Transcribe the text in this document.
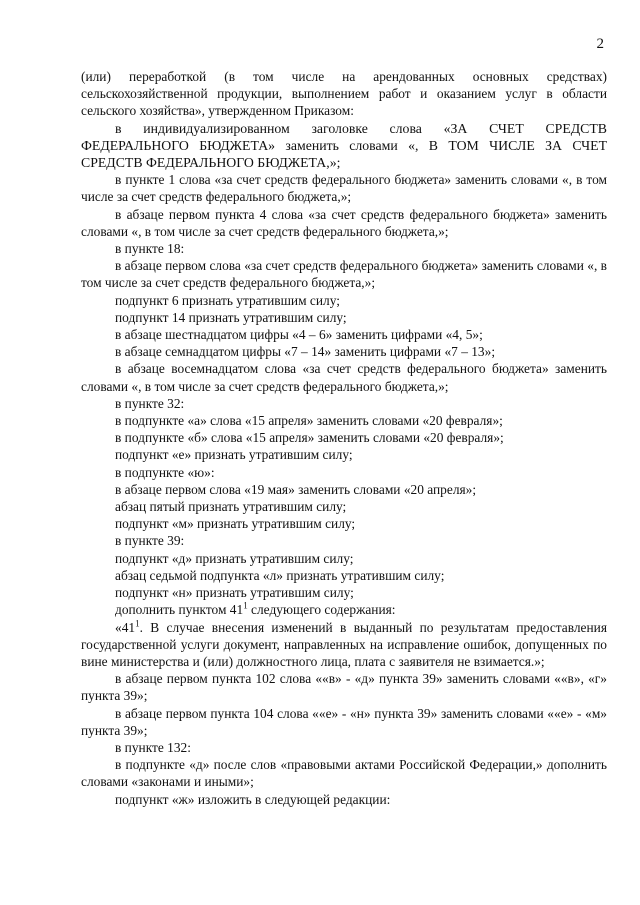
2

(или) переработкой (в том числе на арендованных основных средствах) сельскохозяйственной продукции, выполнением работ и оказанием услуг в области сельского хозяйства», утвержденном Приказом:

в индивидуализированном заголовке слова «ЗА СЧЕТ СРЕДСТВ ФЕДЕРАЛЬНОГО БЮДЖЕТА» заменить словами «, В ТОМ ЧИСЛЕ ЗА СЧЕТ СРЕДСТВ ФЕДЕРАЛЬНОГО БЮДЖЕТА,»;

в пункте 1 слова «за счет средств федерального бюджета» заменить словами «, в том числе за счет средств федерального бюджета,»;

в абзаце первом пункта 4 слова «за счет средств федерального бюджета» заменить словами «, в том числе за счет средств федерального бюджета,»;

в пункте 18:

в абзаце первом слова «за счет средств федерального бюджета» заменить словами «, в том числе за счет средств федерального бюджета,»;

подпункт 6 признать утратившим силу;

подпункт 14 признать утратившим силу;

в абзаце шестнадцатом цифры «4 – 6» заменить цифрами «4, 5»;

в абзаце семнадцатом цифры «7 – 14» заменить цифрами «7 – 13»;

в абзаце восемнадцатом слова «за счет средств федерального бюджета» заменить словами «, в том числе за счет средств федерального бюджета,»;

в пункте 32:

в подпункте «а» слова «15 апреля» заменить словами «20 февраля»;

в подпункте «б» слова «15 апреля» заменить словами «20 февраля»;

подпункт «е» признать утратившим силу;

в подпункте «ю»:

в абзаце первом слова «19 мая» заменить словами «20 апреля»;

абзац пятый признать утратившим силу;

подпункт «м» признать утратившим силу;

в пункте 39:

подпункт «д» признать утратившим силу;

абзац седьмой подпункта «л» признать утратившим силу;

подпункт «н» признать утратившим силу;

дополнить пунктом $41^1$ следующего содержания:

«$41^1$. В случае внесения изменений в выданный по результатам предоставления государственной услуги документ, направленных на исправление ошибок, допущенных по вине министерства и (или) должностного лица, плата с заявителя не взимается.»;

в абзаце первом пункта 102 слова ««в» - «д» пункта 39» заменить словами ««в», «г» пункта 39»;

в абзаце первом пункта 104 слова ««е» - «н» пункта 39» заменить словами ««е» - «м» пункта 39»;

в пункте 132:

в подпункте «д» после слов «правовыми актами Российской Федерации,» дополнить словами «законами и иными»;

подпункт «ж» изложить в следующей редакции:
